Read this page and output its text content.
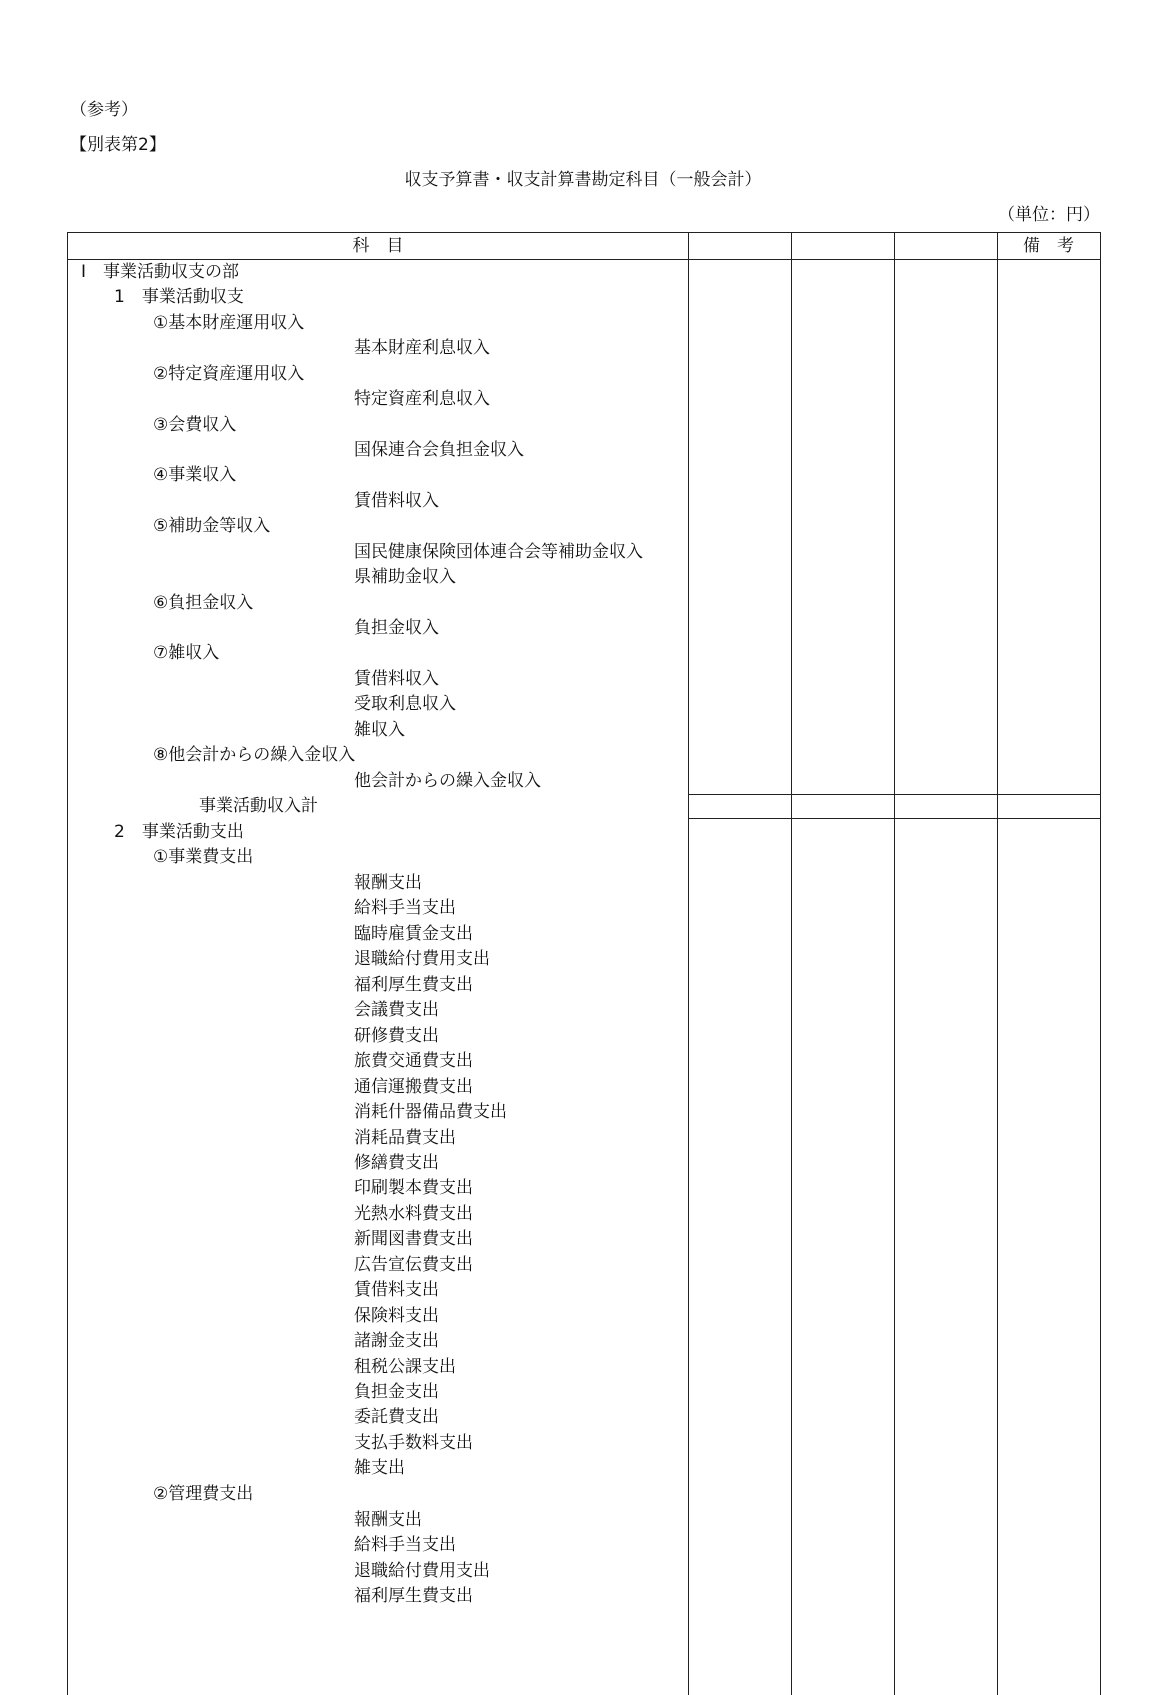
（参考）
【別表第2】
収支予算書・収支計算書勘定科目（一般会計）
（単位：円）
科　目	備　考
Ⅰ　事業活動収支の部
1　事業活動収支
①基本財産運用収入
基本財産利息収入
②特定資産運用収入
特定資産利息収入
③会費収入
国保連合会負担金収入
④事業収入
賃借料収入
⑤補助金等収入
国民健康保険団体連合会等補助金収入
県補助金収入
⑥負担金収入
負担金収入
⑦雑収入
賃借料収入
受取利息収入
雑収入
⑧他会計からの繰入金収入
他会計からの繰入金収入
事業活動収入計
2　事業活動支出
①事業費支出
報酬支出
給料手当支出
臨時雇賃金支出
退職給付費用支出
福利厚生費支出
会議費支出
研修費支出
旅費交通費支出
通信運搬費支出
消耗什器備品費支出
消耗品費支出
修繕費支出
印刷製本費支出
光熱水料費支出
新聞図書費支出
広告宣伝費支出
賃借料支出
保険料支出
諸謝金支出
租税公課支出
負担金支出
委託費支出
支払手数料支出
雑支出
②管理費支出
報酬支出
給料手当支出
退職給付費用支出
福利厚生費支出
